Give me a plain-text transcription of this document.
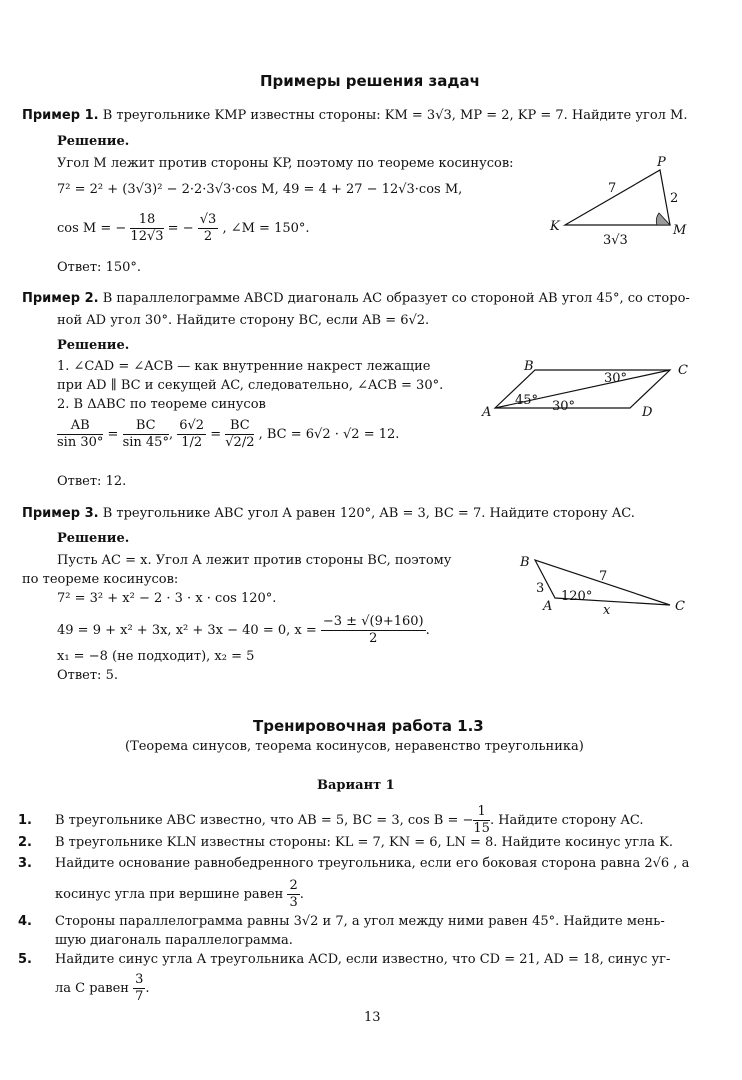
Примеры решения задач
Пример 1. В треугольнике KMP известны стороны: KM = 3√3, MP = 2, KP = 7. Найдите угол M.
Решение.
Угол M лежит против стороны KP, поэтому по теореме косинусов:
7² = 2² + (3√3)² − 2·2·3√3·cos M, 49 = 4 + 27 − 12√3·cos M,
cos M = − $\frac{18}{12√3}$ = − $\frac{√3}{2}$ , ∠M = 150°.
Ответ: 150°.
P
K	M
7
2
3√3
Пример 2. В параллелограмме ABCD диагональ AC образует со стороной AB угол 45°, со сторо-
ной AD угол 30°. Найдите сторону BC, если AB = 6√2.
Решение.
1. ∠CAD = ∠ACB — как внутренние накрест лежащие
при AD ∥ BC и секущей AC, следовательно, ∠ACB = 30°.
2. В ΔABC по теореме синусов
$\frac{AB}{\sin 30^\circ} = \frac{BC}{\sin 45^\circ}$ , $\frac{6√2}{1/2} = \frac{BC}{√2/2}$ , BC = 6√2 · √2 = 12.
Ответ: 12.
B	C
A	D
30°
45° 30°
Пример 3. В треугольнике ABC угол A равен 120°, AB = 3, BC = 7. Найдите сторону AC.
Решение.
Пусть AC = x. Угол A лежит против стороны BC, поэтому
по теореме косинусов:
7² = 3² + x² − 2 · 3 · x · cos 120°.
49 = 9 + x² + 3x, x² + 3x − 40 = 0, $x = \frac{-3 \pm √(9+160)}{2}$ .
x₁ = −8 (не подходит), x₂ = 5
Ответ: 5.
B
A	C
3
7
x
120°
Тренировочная работа 1.3
(Теорема синусов, теорема косинусов, неравенство треугольника)
Вариант 1
1. В треугольнике ABC известно, что AB = 5, BC = 3, cos B = − $\frac{1}{15}$ . Найдите сторону AC.
2. В треугольнике KLN известны стороны: KL = 7, KN = 6, LN = 8. Найдите косинус угла K.
3. Найдите основание равнобедренного треугольника, если его боковая сторона равна 2√6 , а
косинус угла при вершине равен $\frac{2}{3}$ .
4. Стороны параллелограмма равны 3√2 и 7, а угол между ними равен 45°. Найдите мень-
шую диагональ параллелограмма.
5. Найдите синус угла A треугольника ACD, если известно, что CD = 21, AD = 18, синус уг-
ла C равен $\frac{3}{7}$ .
13
